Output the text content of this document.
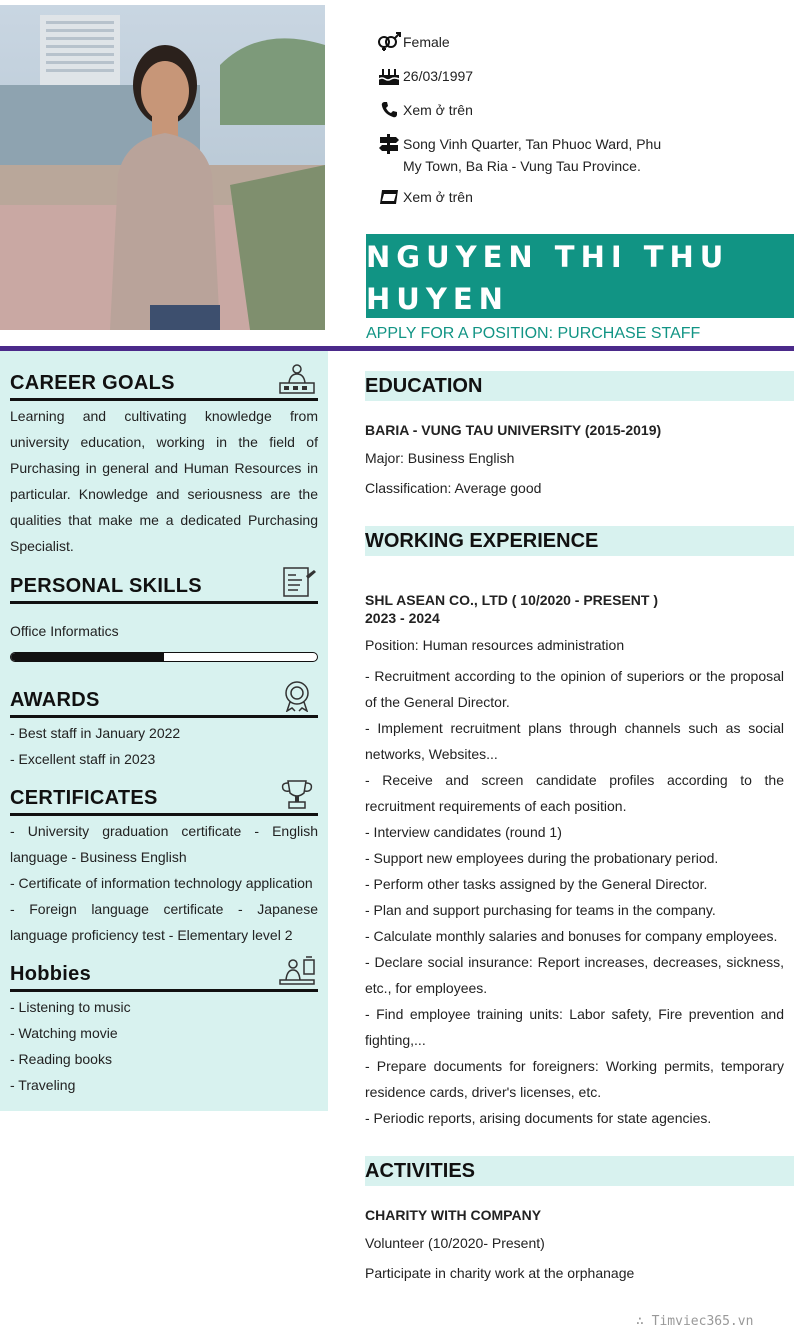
Female
26/03/1997
Xem ở trên
Song Vinh Quarter, Tan Phuoc Ward, Phu My Town, Ba Ria - Vung Tau Province.
Xem ở trên
NGUYEN THI THU HUYEN
APPLY FOR A POSITION: PURCHASE STAFF
CAREER GOALS

Learning and cultivating knowledge from university education, working in the field of Purchasing in general and Human Resources in particular. Knowledge and seriousness are the qualities that make me a dedicated Purchasing Specialist.

PERSONAL SKILLS
Office Informatics
AWARDS
- Best staff in January 2022
- Excellent staff in 2023
CERTIFICATES
- University graduation certificate - English language - Business English
- Certificate of information technology application
- Foreign language certificate - Japanese language proficiency test - Elementary level 2
Hobbies
- Listening to music
- Watching movie
- Reading books
- Traveling
EDUCATION
BARIA - VUNG TAU UNIVERSITY (2015-2019)
Major: Business English
Classification: Average good
WORKING EXPERIENCE
SHL ASEAN CO., LTD ( 10/2020 - PRESENT )
2023 - 2024
Position: Human resources administration
- Recruitment according to the opinion of superiors or the proposal of the General Director.
- Implement recruitment plans through channels such as social networks, Websites...
- Receive and screen candidate profiles according to the recruitment requirements of each position.
- Interview candidates (round 1)
- Support new employees during the probationary period.
- Perform other tasks assigned by the General Director.
- Plan and support purchasing for teams in the company.
- Calculate monthly salaries and bonuses for company employees.
- Declare social insurance: Report increases, decreases, sickness, etc., for employees.
- Find employee training units: Labor safety, Fire prevention and fighting,...
- Prepare documents for foreigners: Working permits, temporary residence cards, driver's licenses, etc.
- Periodic reports, arising documents for state agencies.
ACTIVITIES
CHARITY WITH COMPANY
Volunteer (10/2020- Present)
Participate in charity work at the orphanage
∴ Timviec365.vn
